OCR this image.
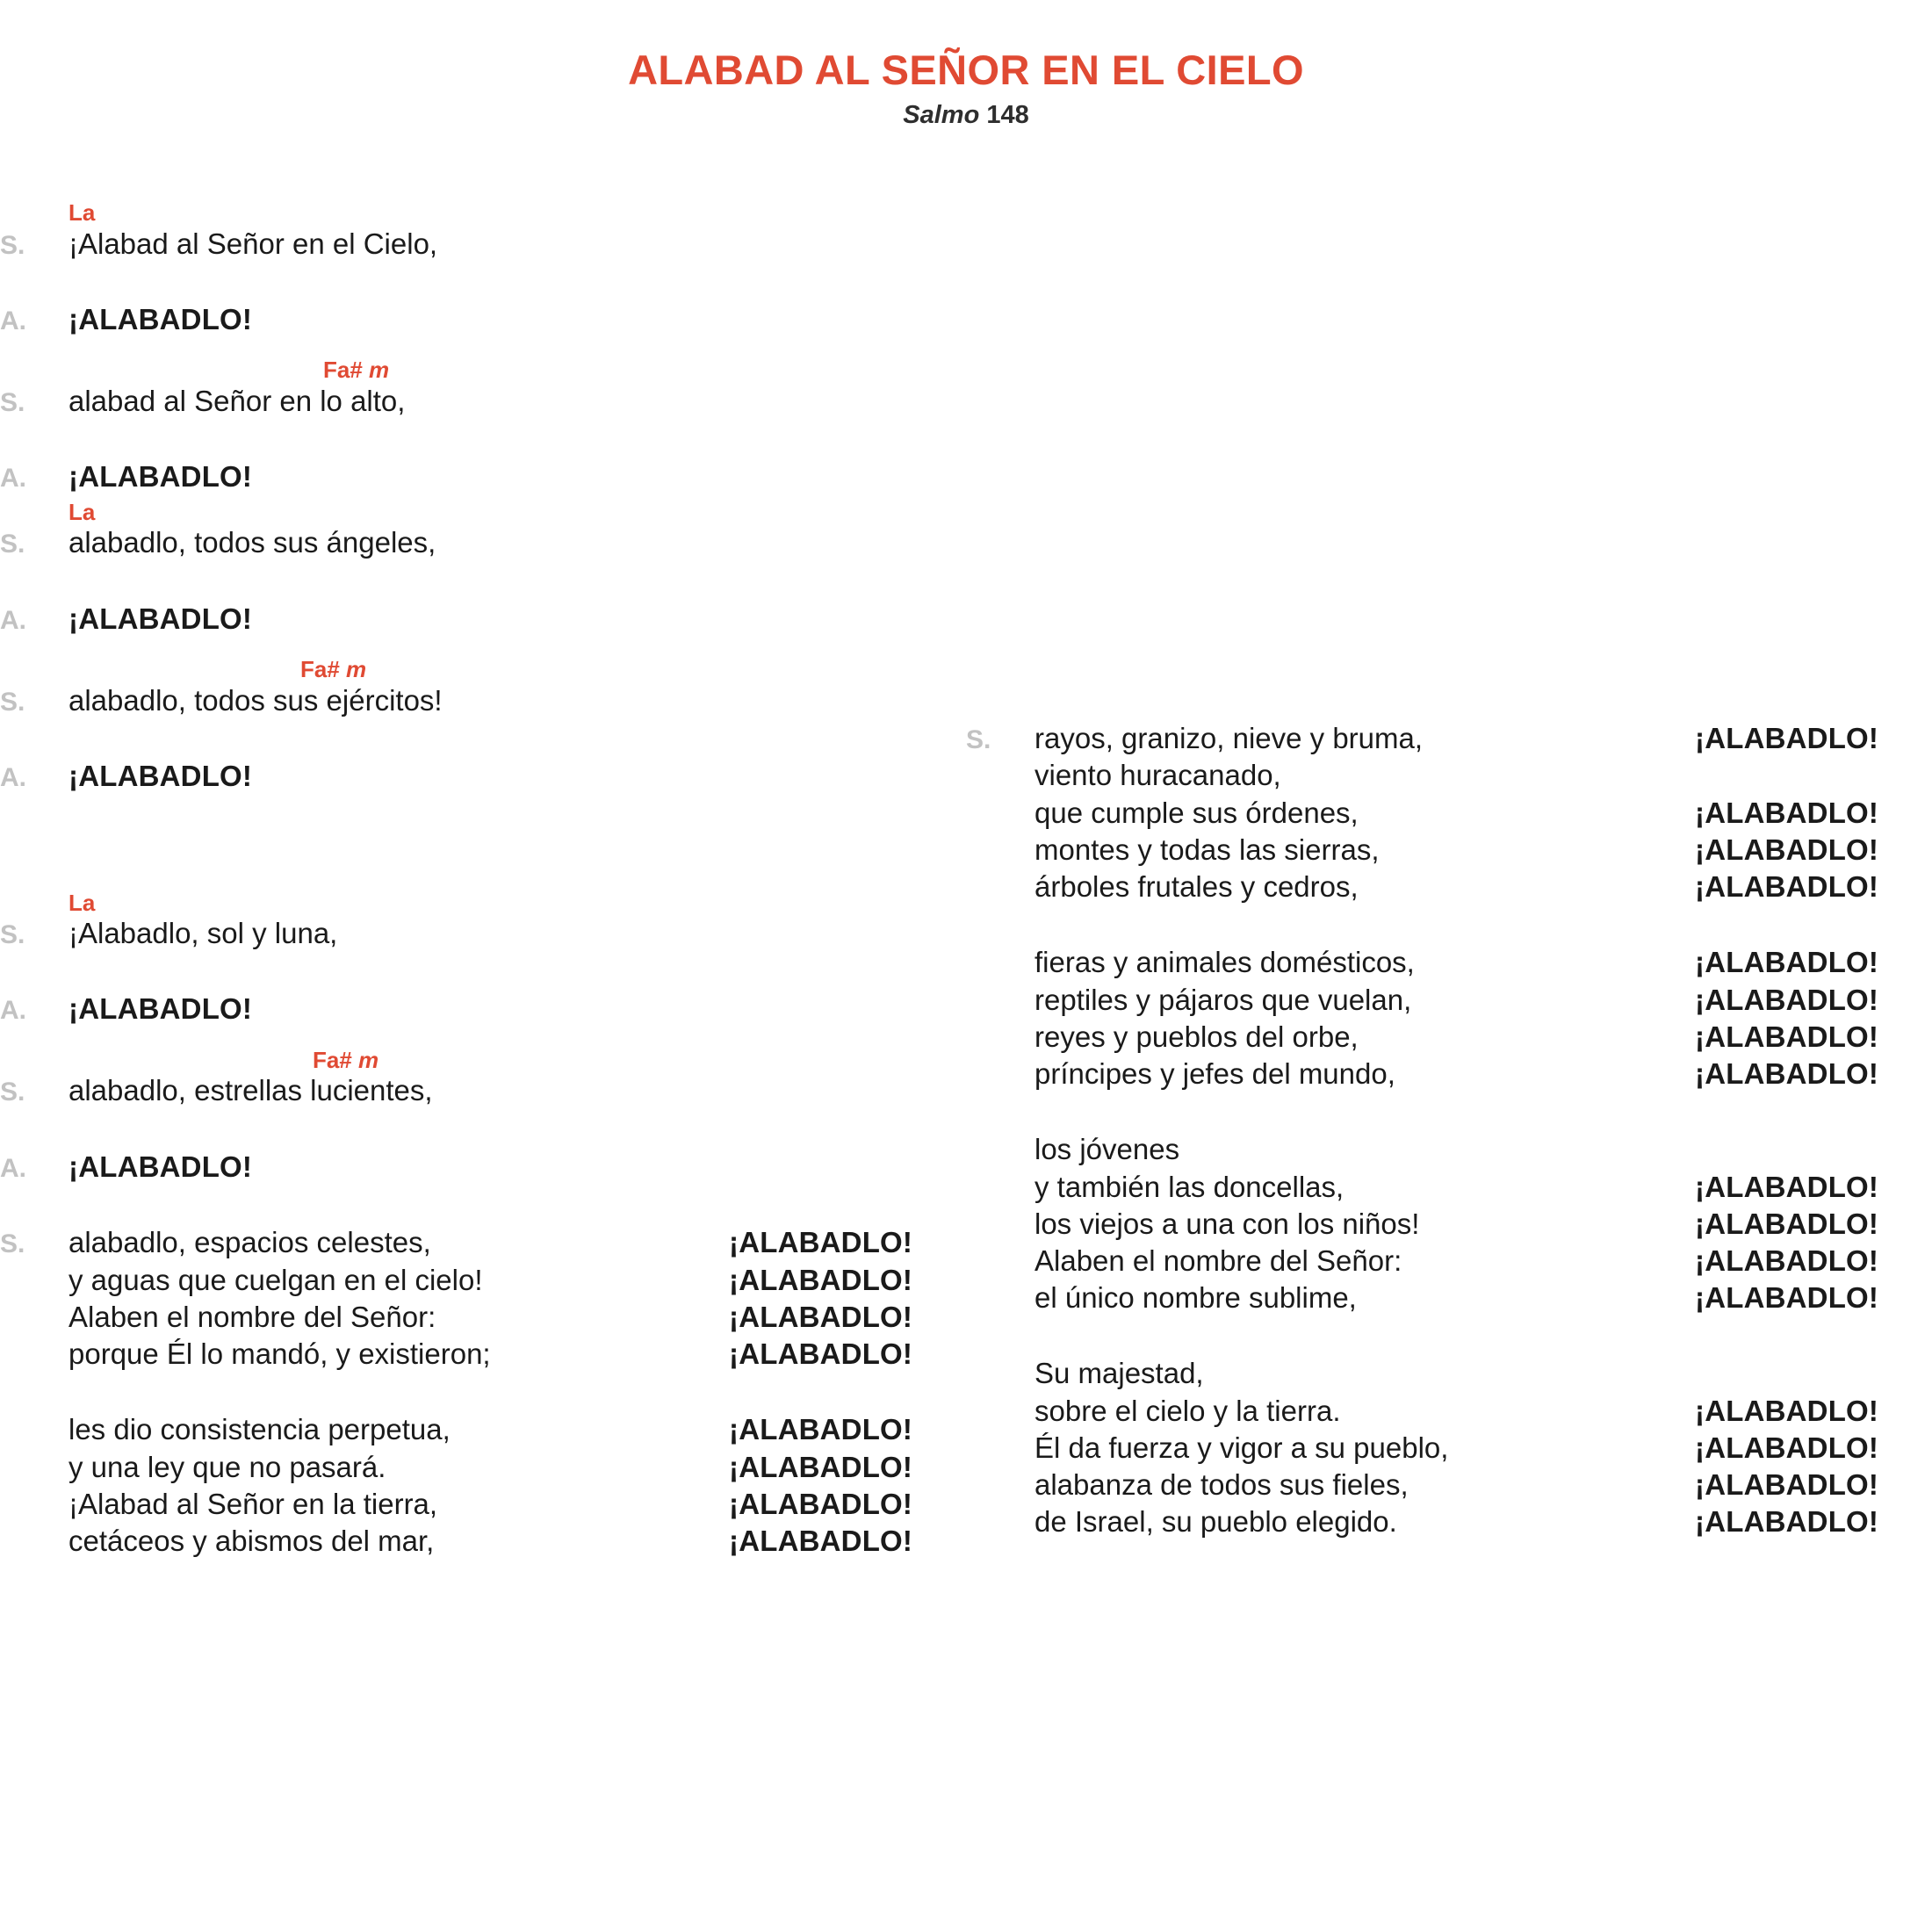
ALABAD AL SEÑOR EN EL CIELO
Salmo 148
La
S.	¡Alabad al Señor en el Cielo,
A.	¡ALABADLO!
Fa# m
S.	alabad al Señor en lo alto,
A.	¡ALABADLO!
La
S.	alabadlo, todos sus ángeles,
A.	¡ALABADLO!
Fa# m
S.	alabadlo, todos sus ejércitos!
A.	¡ALABADLO!
La
S.	¡Alabadlo, sol y luna,
A.	¡ALABADLO!
Fa# m
S.	alabadlo, estrellas lucientes,
A.	¡ALABADLO!
S.	alabadlo, espacios celestes,	¡ALABADLO!
y aguas que cuelgan en el cielo!	¡ALABADLO!
Alaben el nombre del Señor:	¡ALABADLO!
porque Él lo mandó, y existieron;	¡ALABADLO!
les dio consistencia perpetua,	¡ALABADLO!
y una ley que no pasará.	¡ALABADLO!
¡Alabad al Señor en la tierra,	¡ALABADLO!
cetáceos y abismos del mar,	¡ALABADLO!
S.	rayos, granizo, nieve y bruma,	¡ALABADLO!
viento huracanado,
que cumple sus órdenes,	¡ALABADLO!
montes y todas las sierras,	¡ALABADLO!
árboles frutales y cedros,	¡ALABADLO!
fieras y animales domésticos,	¡ALABADLO!
reptiles y pájaros que vuelan,	¡ALABADLO!
reyes y pueblos del orbe,	¡ALABADLO!
príncipes y jefes del mundo,	¡ALABADLO!
los jóvenes
y también las doncellas,	¡ALABADLO!
los viejos a una con los niños!	¡ALABADLO!
Alaben el nombre del Señor:	¡ALABADLO!
el único nombre sublime,	¡ALABADLO!
Su majestad,
sobre el cielo y la tierra.	¡ALABADLO!
Él da fuerza y vigor a su pueblo,	¡ALABADLO!
alabanza de todos sus fieles,	¡ALABADLO!
de Israel, su pueblo elegido.	¡ALABADLO!
